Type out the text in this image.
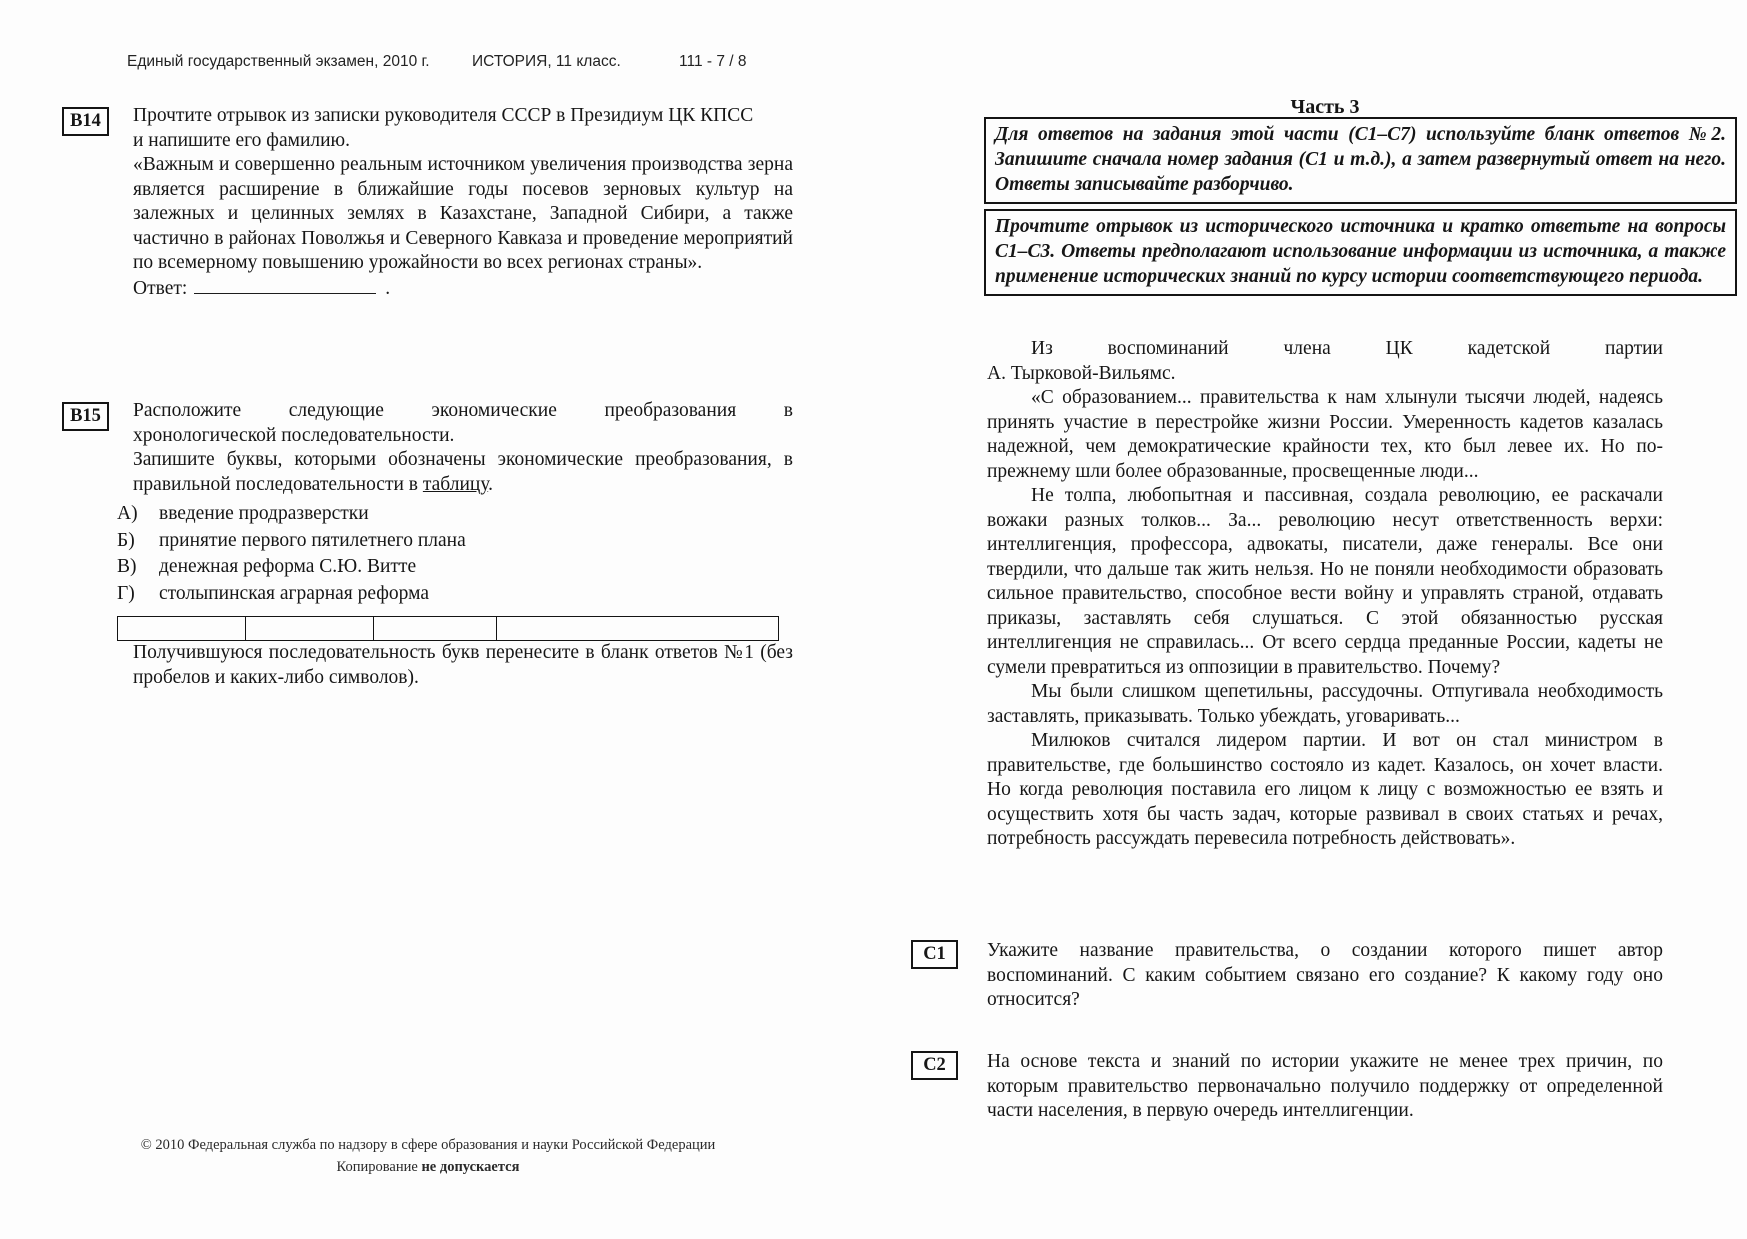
Единый государственный экзамен, 2010 г.	ИСТОРИЯ, 11 класс.	111 - 7 / 8
В14	Прочтите отрывок из записки руководителя СССР в Президиум ЦК КПСС
и напишите его фамилию.

«Важным и совершенно реальным источником увеличения производства зерна является расширение в ближайшие годы посевов зерновых культур на залежных и целинных землях в Казахстане, Западной Сибири, а также частично в районах Поволжья и Северного Кавказа и проведение мероприятий по всемерному повышению урожайности во всех регионах страны».

Ответ:	.

В15	Расположите следующие экономические преобразования в
хронологической последовательности.

Запишите буквы, которыми обозначены экономические преобразования, в правильной последовательности в таблицу.

А)	введение продразверстки
Б)	принятие первого пятилетнего плана
В)	денежная реформа С.Ю. Витте
Г)	столыпинская аграрная реформа

Получившуюся последовательность букв перенесите в бланк ответов №1 (без пробелов и каких-либо символов).

Часть 3
Для ответов на задания этой части (С1–С7) используйте бланк ответов №2. Запишите сначала номер задания (С1 и т.д.), а затем развернутый ответ на него. Ответы записывайте разборчиво.
Прочтите отрывок из исторического источника и кратко ответьте на вопросы С1–С3. Ответы предполагают использование информации из источника, а также применение исторических знаний по курсу истории соответствующего периода.
Из воспоминаний члена ЦК кадетской партии
А. Тырковой-Вильямс.

«С образованием... правительства к нам хлынули тысячи людей, надеясь принять участие в перестройке жизни России. Умеренность кадетов казалась надежной, чем демократические крайности тех, кто был левее их. Но по-прежнему шли более образованные, просвещенные люди...

Не толпа, любопытная и пассивная, создала революцию, ее раскачали вожаки разных толков... За... революцию несут ответственность верхи: интеллигенция, профессора, адвокаты, писатели, даже генералы. Все они твердили, что дальше так жить нельзя. Но не поняли необходимости образовать сильное правительство, способное вести войну и управлять страной, отдавать приказы, заставлять себя слушаться. С этой обязанностью русская интеллигенция не справилась... От всего сердца преданные России, кадеты не сумели превратиться из оппозиции в правительство. Почему?

Мы были слишком щепетильны, рассудочны. Отпугивала необходимость заставлять, приказывать. Только убеждать, уговаривать...

Милюков считался лидером партии. И вот он стал министром в правительстве, где большинство состояло из кадет. Казалось, он хочет власти. Но когда революция поставила его лицом к лицу с возможностью ее взять и осуществить хотя бы часть задач, которые развивал в своих статьях и речах, потребность рассуждать перевесила потребность действовать».

С1	Укажите название правительства, о создании которого пишет автор воспоминаний. С каким событием связано его создание? К какому году оно относится?
С2	На основе текста и знаний по истории укажите не менее трех причин, по которым правительство первоначально получило поддержку от определенной части населения, в первую очередь интеллигенции.
© 2010 Федеральная служба по надзору в сфере образования и науки Российской Федерации
Копирование не допускается
